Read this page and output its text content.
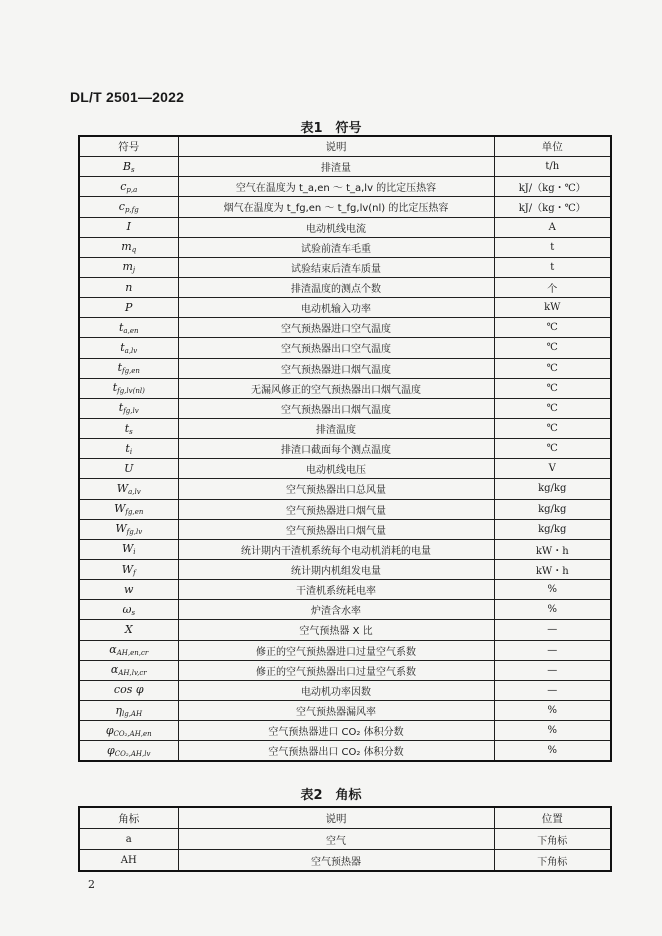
DL/T 2501—2022
表1　符号
符号	说明	单位
$B_s$	排渣量	t/h
$c_{p,a}$	空气在温度为 t_a,en ～ t_a,lv 的比定压热容	kJ/（kg・℃）
$c_{p,fg}$	烟气在温度为 t_fg,en ～ t_fg,lv(nl) 的比定压热容	kJ/（kg・℃）
I	电动机线电流	A
$m_q$	试验前渣车毛重	t
$m_j$	试验结束后渣车质量	t
n	排渣温度的测点个数	个
P	电动机输入功率	kW
$t_{a,en}$	空气预热器进口空气温度	℃
$t_{a,lv}$	空气预热器出口空气温度	℃
$t_{fg,en}$	空气预热器进口烟气温度	℃
$t_{fg,lv(nl)}$	无漏风修正的空气预热器出口烟气温度	℃
$t_{fg,lv}$	空气预热器出口烟气温度	℃
$t_s$	排渣温度	℃
$t_i$	排渣口截面每个测点温度	℃
U	电动机线电压	V
$W_{a,lv}$	空气预热器出口总风量	kg/kg
$W_{fg,en}$	空气预热器进口烟气量	kg/kg
$W_{fg,lv}$	空气预热器出口烟气量	kg/kg
$W_i$	统计期内干渣机系统每个电动机消耗的电量	kW・h
$W_f$	统计期内机组发电量	kW・h
w	干渣机系统耗电率	%
$\omega_s$	炉渣含水率	%
X	空气预热器 X 比	—
$\alpha_{AH,en,cr}$	修正的空气预热器进口过量空气系数	—
$\alpha_{AH,lv,cr}$	修正的空气预热器出口过量空气系数	—
cos φ	电动机功率因数	—
$\eta_{lg,AH}$	空气预热器漏风率	%
$\varphi_{CO_2,AH,en}$	空气预热器进口 CO₂ 体积分数	%
$\varphi_{CO_2,AH,lv}$	空气预热器出口 CO₂ 体积分数	%
表2　角标
角标	说明	位置
a	空气	下角标
AH	空气预热器	下角标
2
